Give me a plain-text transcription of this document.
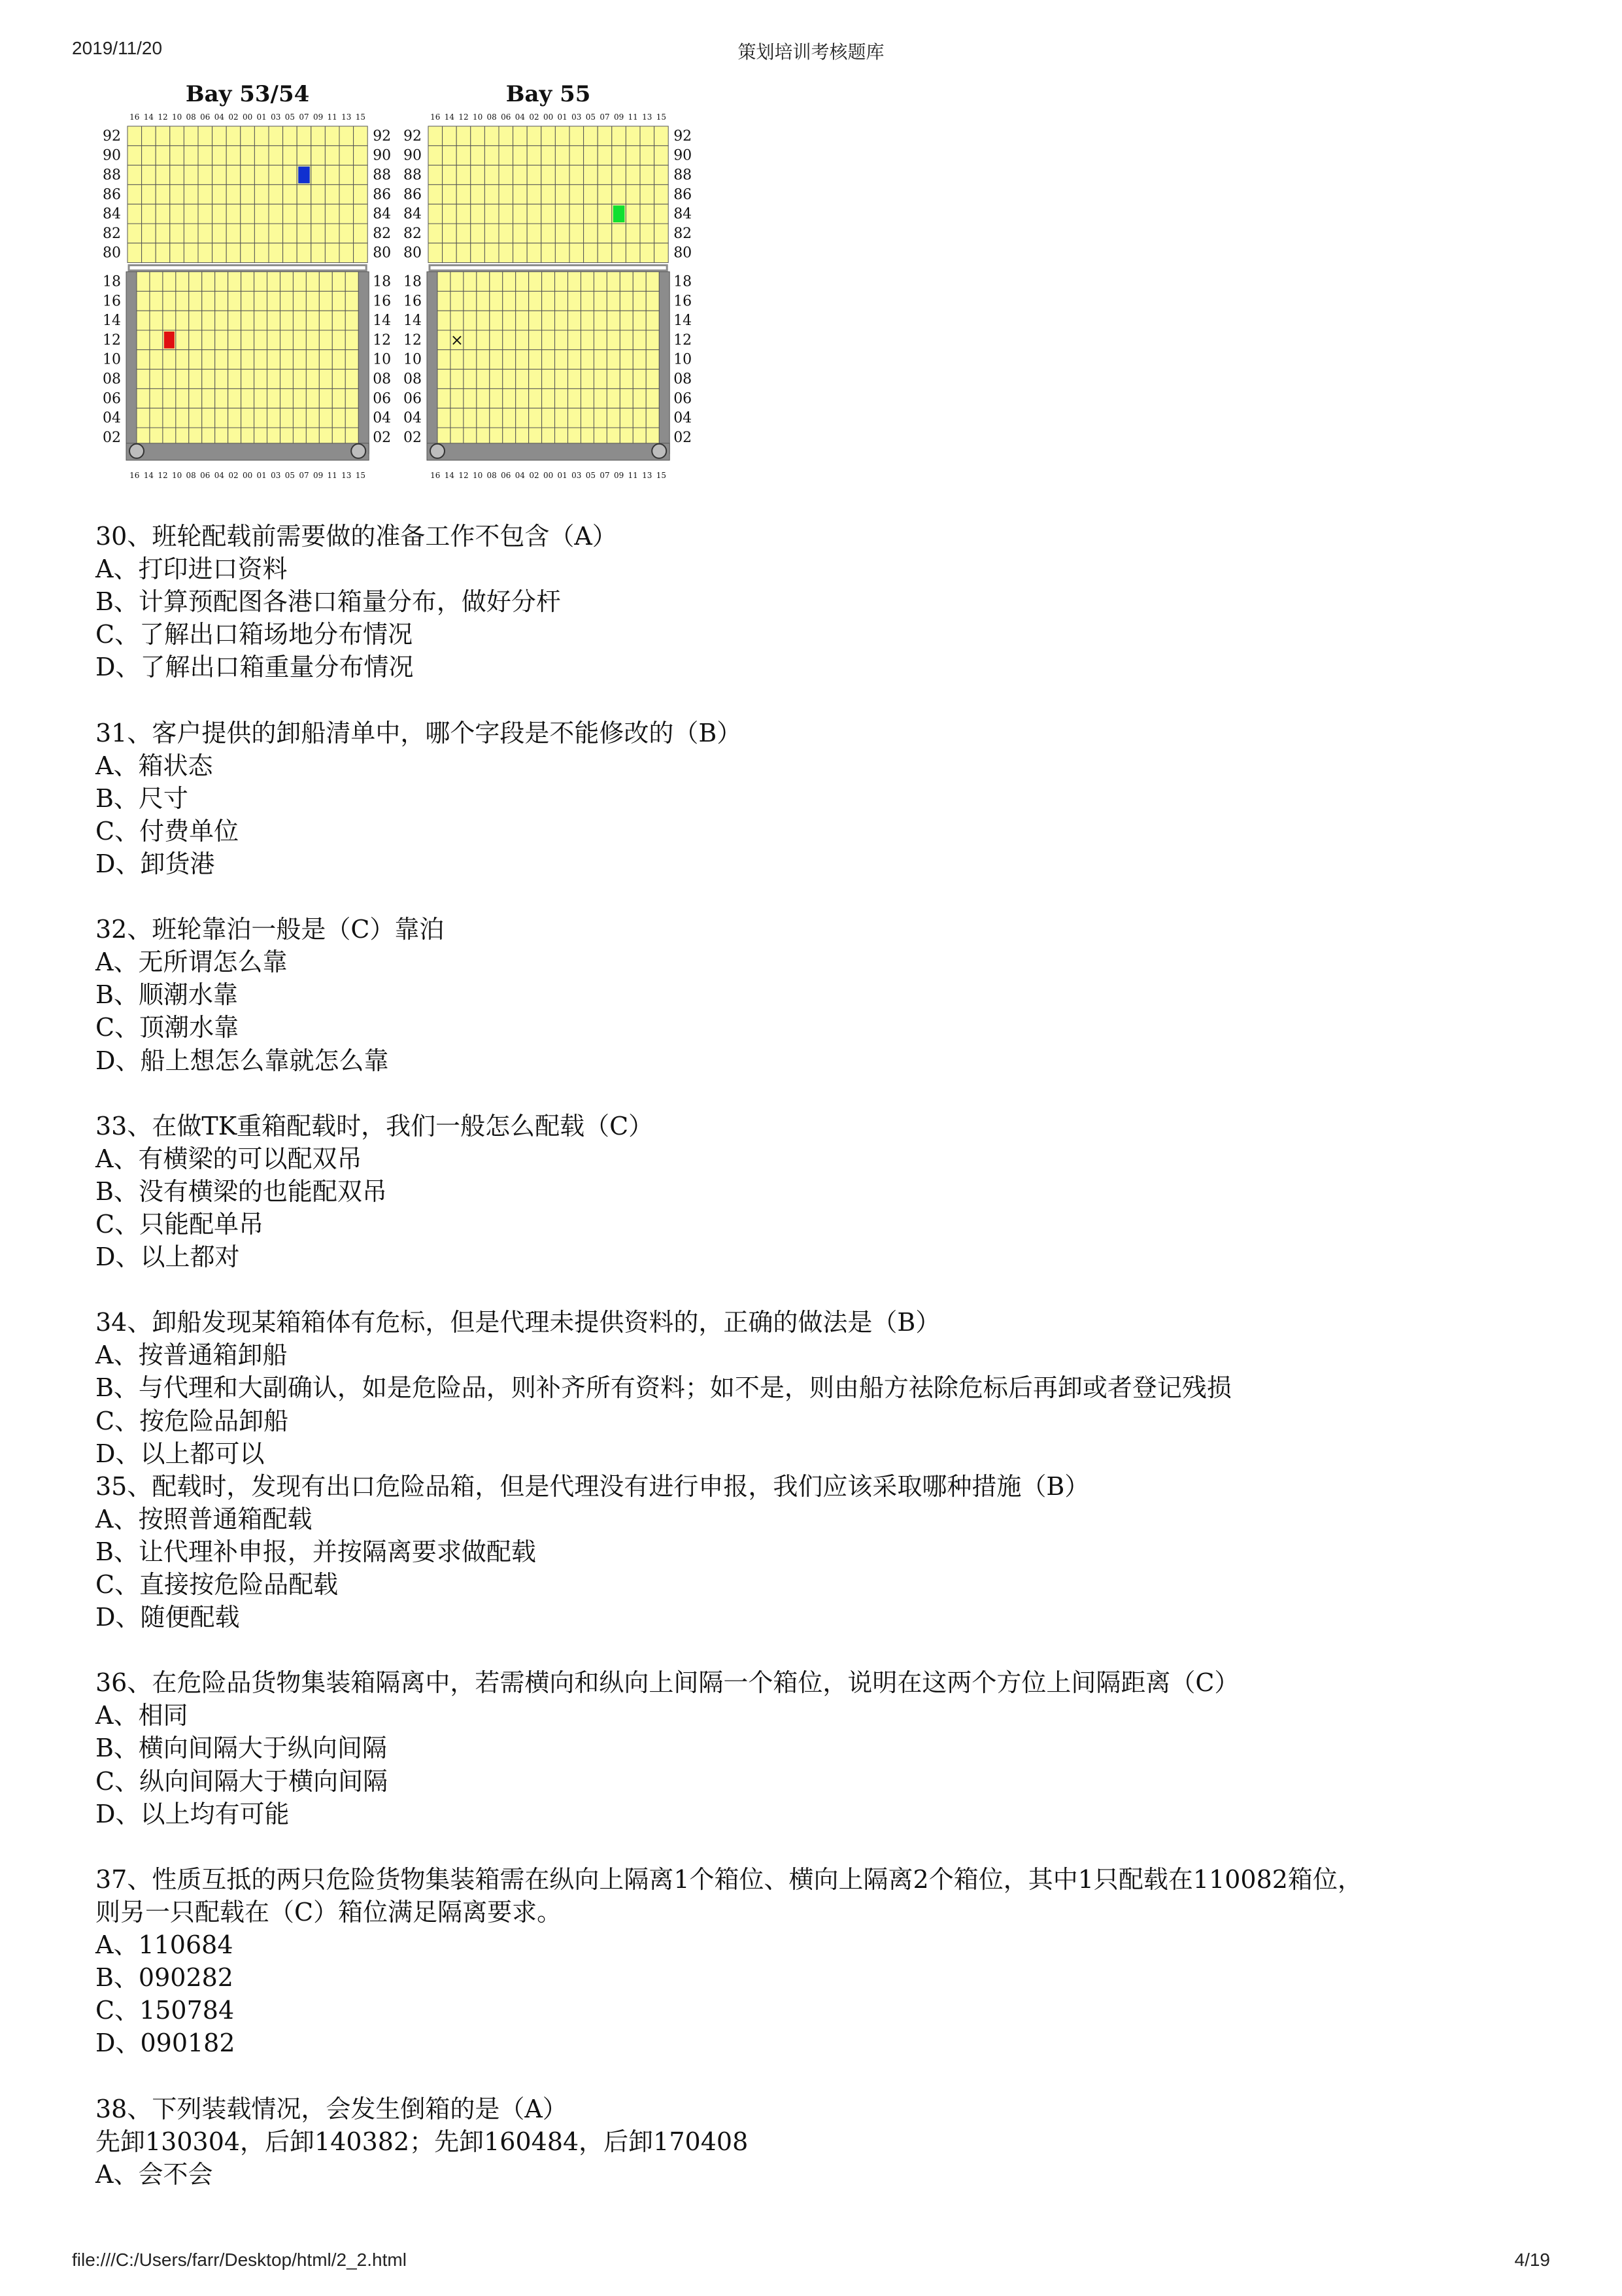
2019/11/20	策划培训考核题库
Bay 53/54
16
16
14
14
12
12
10
10
08
08
06
06
04
04
02
02
00
00
01
01
03
03
05
05
07
07
09
09
11
11
13
13
15
15
92	92
90	90
88	88
86	86
84	84
82	82
80	80
18	18
16	16
14	14
12	12
10	10
08	08
06	06
04	04
02	02
Bay 55
16
16
14
14
12
12
10
10
08
08
06
06
04
04
02
02
00
00
01
01
03
03
05
05
07
07
09
09
11
11
13
13
15
15
92	92
90	90
88	88
86	86
84	84
82	82
80	80
18	18
16	16
14	14
12	12
10	10
08	08
06	06
04	04
02	02
×
30、班轮配载前需要做的准备工作不包含（A）
A、打印进口资料
B、计算预配图各港口箱量分布，做好分杆
C、了解出口箱场地分布情况
D、了解出口箱重量分布情况
31、客户提供的卸船清单中，哪个字段是不能修改的（B）
A、箱状态
B、尺寸
C、付费单位
D、卸货港
32、班轮靠泊一般是（C）靠泊
A、无所谓怎么靠
B、顺潮水靠
C、顶潮水靠
D、船上想怎么靠就怎么靠
33、在做TK重箱配载时，我们一般怎么配载（C）
A、有横梁的可以配双吊
B、没有横梁的也能配双吊
C、只能配单吊
D、以上都对
34、卸船发现某箱箱体有危标，但是代理未提供资料的，正确的做法是（B）
A、按普通箱卸船
B、与代理和大副确认，如是危险品，则补齐所有资料；如不是，则由船方祛除危标后再卸或者登记残损
C、按危险品卸船
D、以上都可以
35、配载时，发现有出口危险品箱，但是代理没有进行申报，我们应该采取哪种措施（B）
A、按照普通箱配载
B、让代理补申报，并按隔离要求做配载
C、直接按危险品配载
D、随便配载
36、在危险品货物集装箱隔离中，若需横向和纵向上间隔一个箱位，说明在这两个方位上间隔距离（C）
A、相同
B、横向间隔大于纵向间隔
C、纵向间隔大于横向间隔
D、以上均有可能
37、性质互抵的两只危险货物集装箱需在纵向上隔离1个箱位、横向上隔离2个箱位，其中1只配载在110082箱位，
则另一只配载在（C）箱位满足隔离要求。
A、110684
B、090282
C、150784
D、090182
38、下列装载情况，会发生倒箱的是（A）
先卸130304，后卸140382；先卸160484，后卸170408
A、会不会
file:///C:/Users/farr/Desktop/html/2_2.html	4/19
